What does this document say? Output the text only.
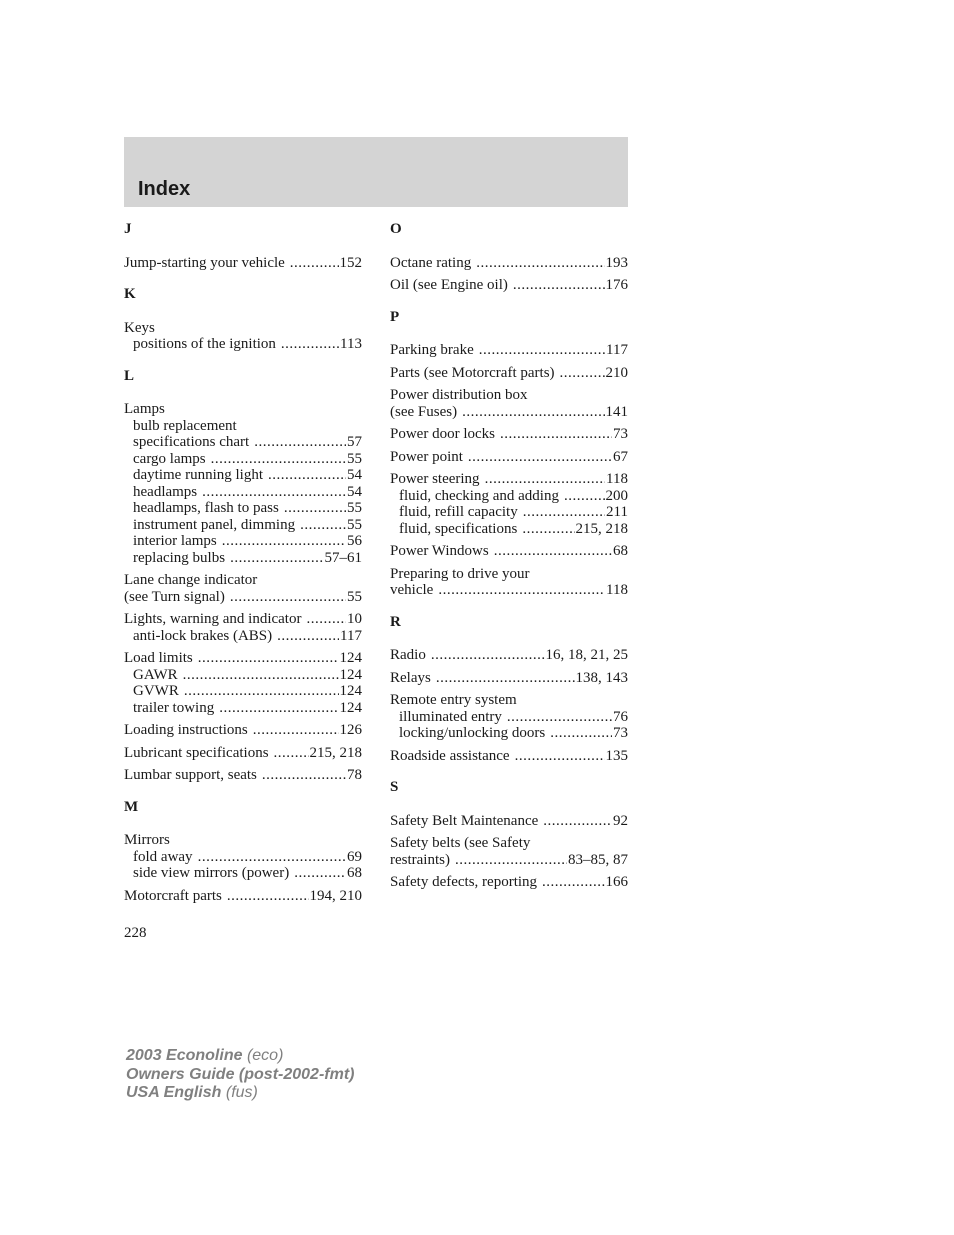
Index
J
Jump-starting your vehicle .....	152
K
Keys
positions of the ignition .....	113
L
Lamps
bulb replacement
specifications chart .....	57
cargo lamps .....	55
daytime running light .....	54
headlamps .....	54
headlamps, flash to pass .....	55
instrument panel, dimming .....	55
interior lamps .....	56
replacing bulbs .....	57–61
Lane change indicator
(see Turn signal) .....	55
Lights, warning and indicator .....	10
anti-lock brakes (ABS) .....	117
Load limits .....	124
GAWR .....	124
GVWR .....	124
trailer towing .....	124
Loading instructions .....	126
Lubricant specifications .....	215, 218
Lumbar support, seats .....	78
M
Mirrors
fold away .....	69
side view mirrors (power) .....	68
Motorcraft parts .....	194, 210
O
Octane rating .....	193
Oil (see Engine oil) .....	176
P
Parking brake .....	117
Parts (see Motorcraft parts) .....	210
Power distribution box
(see Fuses) .....	141
Power door locks .....	73
Power point .....	67
Power steering .....	118
fluid, checking and adding .....	200
fluid, refill capacity .....	211
fluid, specifications .....	215, 218
Power Windows .....	68
Preparing to drive your
vehicle .....	118
R
Radio .....	16, 18, 21, 25
Relays .....	138, 143
Remote entry system
illuminated entry .....	76
locking/unlocking doors .....	73
Roadside assistance .....	135
S
Safety Belt Maintenance .....	92
Safety belts (see Safety
restraints) .....	83–85, 87
Safety defects, reporting .....	166

228

2003 Econoline (eco)
Owners Guide (post-2002-fmt)
USA English (fus)
